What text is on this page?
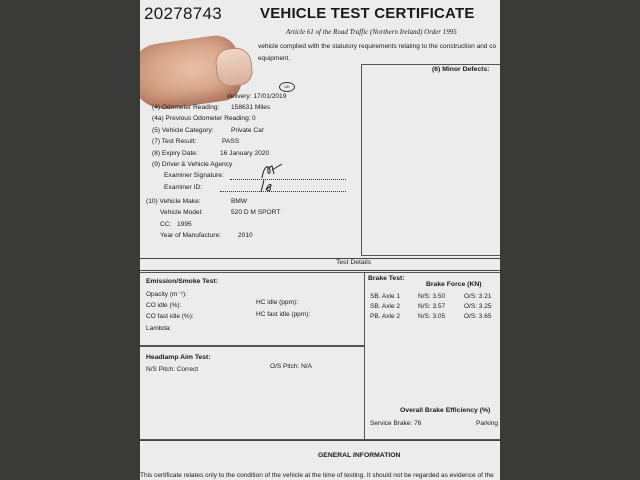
20278743	VEHICLE TEST CERTIFICATE
Article 61 of the Road Traffic (Northern Ireland) Order 1995
vehicle complied with the statutory requirements relating to the construction and co
equipment.
(6) Minor Defects:
UK
delivery: 17/01/2019
(4) Odometer Reading: 158631 Miles
(4a) Previous Odometer Reading: 0
(5) Vehicle Category:	Private Car
(7) Test Result:	PASS
(8) Expiry Date:	16 January 2020
(9) Driver & Vehicle Agency
Examiner Signature:
Examiner ID:
(10) Vehicle Make:	BMW
Vehicle Model:	520 D M SPORT
CC: 1995
Year of Manufacture:	2010
Test Details
Emission/Smoke Test:
Opacity (m⁻¹):
CO idle (%):
CO fast idle (%):
Lambda:
HC idle (ppm):
HC fast idle (ppm):
Brake Test:
Brake Force (KN)
SB. Axle 1	N/S: 3.50	O/S: 3.21
SB. Axle 2	N/S: 3.57	O/S: 3.25
PB. Axle 2	N/S: 3.05	O/S: 3.65
Overall Brake Efficiency (%)
Service Brake: 76	Parking
Headlamp Aim Test:
N/S Pitch: Correct	O/S Pitch: N/A
GENERAL INFORMATION
This certificate relates only to the condition of the vehicle at the time of testing. It should not be regarded as evidence of the
